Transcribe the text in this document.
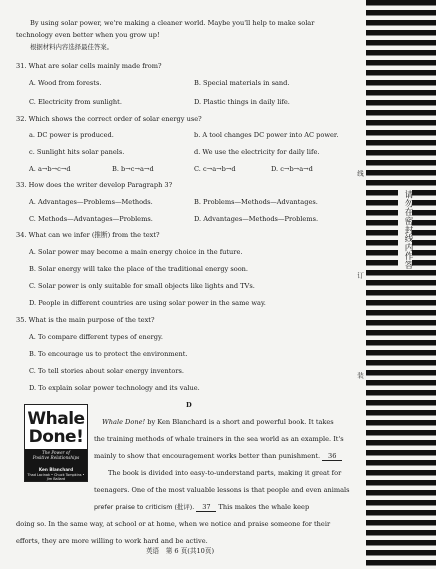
By using solar power, we're making a cleaner world. Maybe you'll help to make solar
technology even better when you grow up!
根据材料内容选择最佳答案。
31. What are solar cells mainly made from?
A. Wood from forests.	B. Special materials in sand.
C. Electricity from sunlight.	D. Plastic things in daily life.
32. Which shows the correct order of solar energy use?
a. DC power is produced.	b. A tool changes DC power into AC power.
c. Sunlight hits solar panels.	d. We use the electricity for daily life.
A. a→b→c→d	B. b→c→a→d	C. c→a→b→d	D. c→b→a→d
33. How does the writer develop Paragraph 3?
A. Advantages—Problems—Methods.	B. Problems—Methods—Advantages.
C. Methods—Advantages—Problems.	D. Advantages—Methods—Problems.
34. What can we infer (推断) from the text?
A. Solar power may become a main energy choice in the future.
B. Solar energy will take the place of the traditional energy soon.
C. Solar power is only suitable for small objects like lights and TVs.
D. People in different countries are using solar power in the same way.
35. What is the main purpose of the text?
A. To compare different types of energy.
B. To encourage us to protect the environment.
C. To tell stories about solar energy inventors.
D. To explain solar power technology and its value.
D
Whale Done! by Ken Blanchard is a short and powerful book. It takes
the training methods of whale trainers in the sea world as an example. It's
mainly to show that encouragement works better than punishment. 36
The book is divided into easy-to-understand parts, making it great for
teenagers. One of the most valuable lessons is that people and even animals
prefer praise to criticism (批评). 37 This makes the whale keep
doing so. In the same way, at school or at home, when we notice and praise someone for their
efforts, they are more willing to work hard and be active.
Whale
Done!
The Power of
Positive Relationships
Ken Blanchard
Thad Lacinak • Chuck Tompkins • Jim Ballard
英语　第 6 页(共10页)
线
订
装
请勿在密封线内作答
